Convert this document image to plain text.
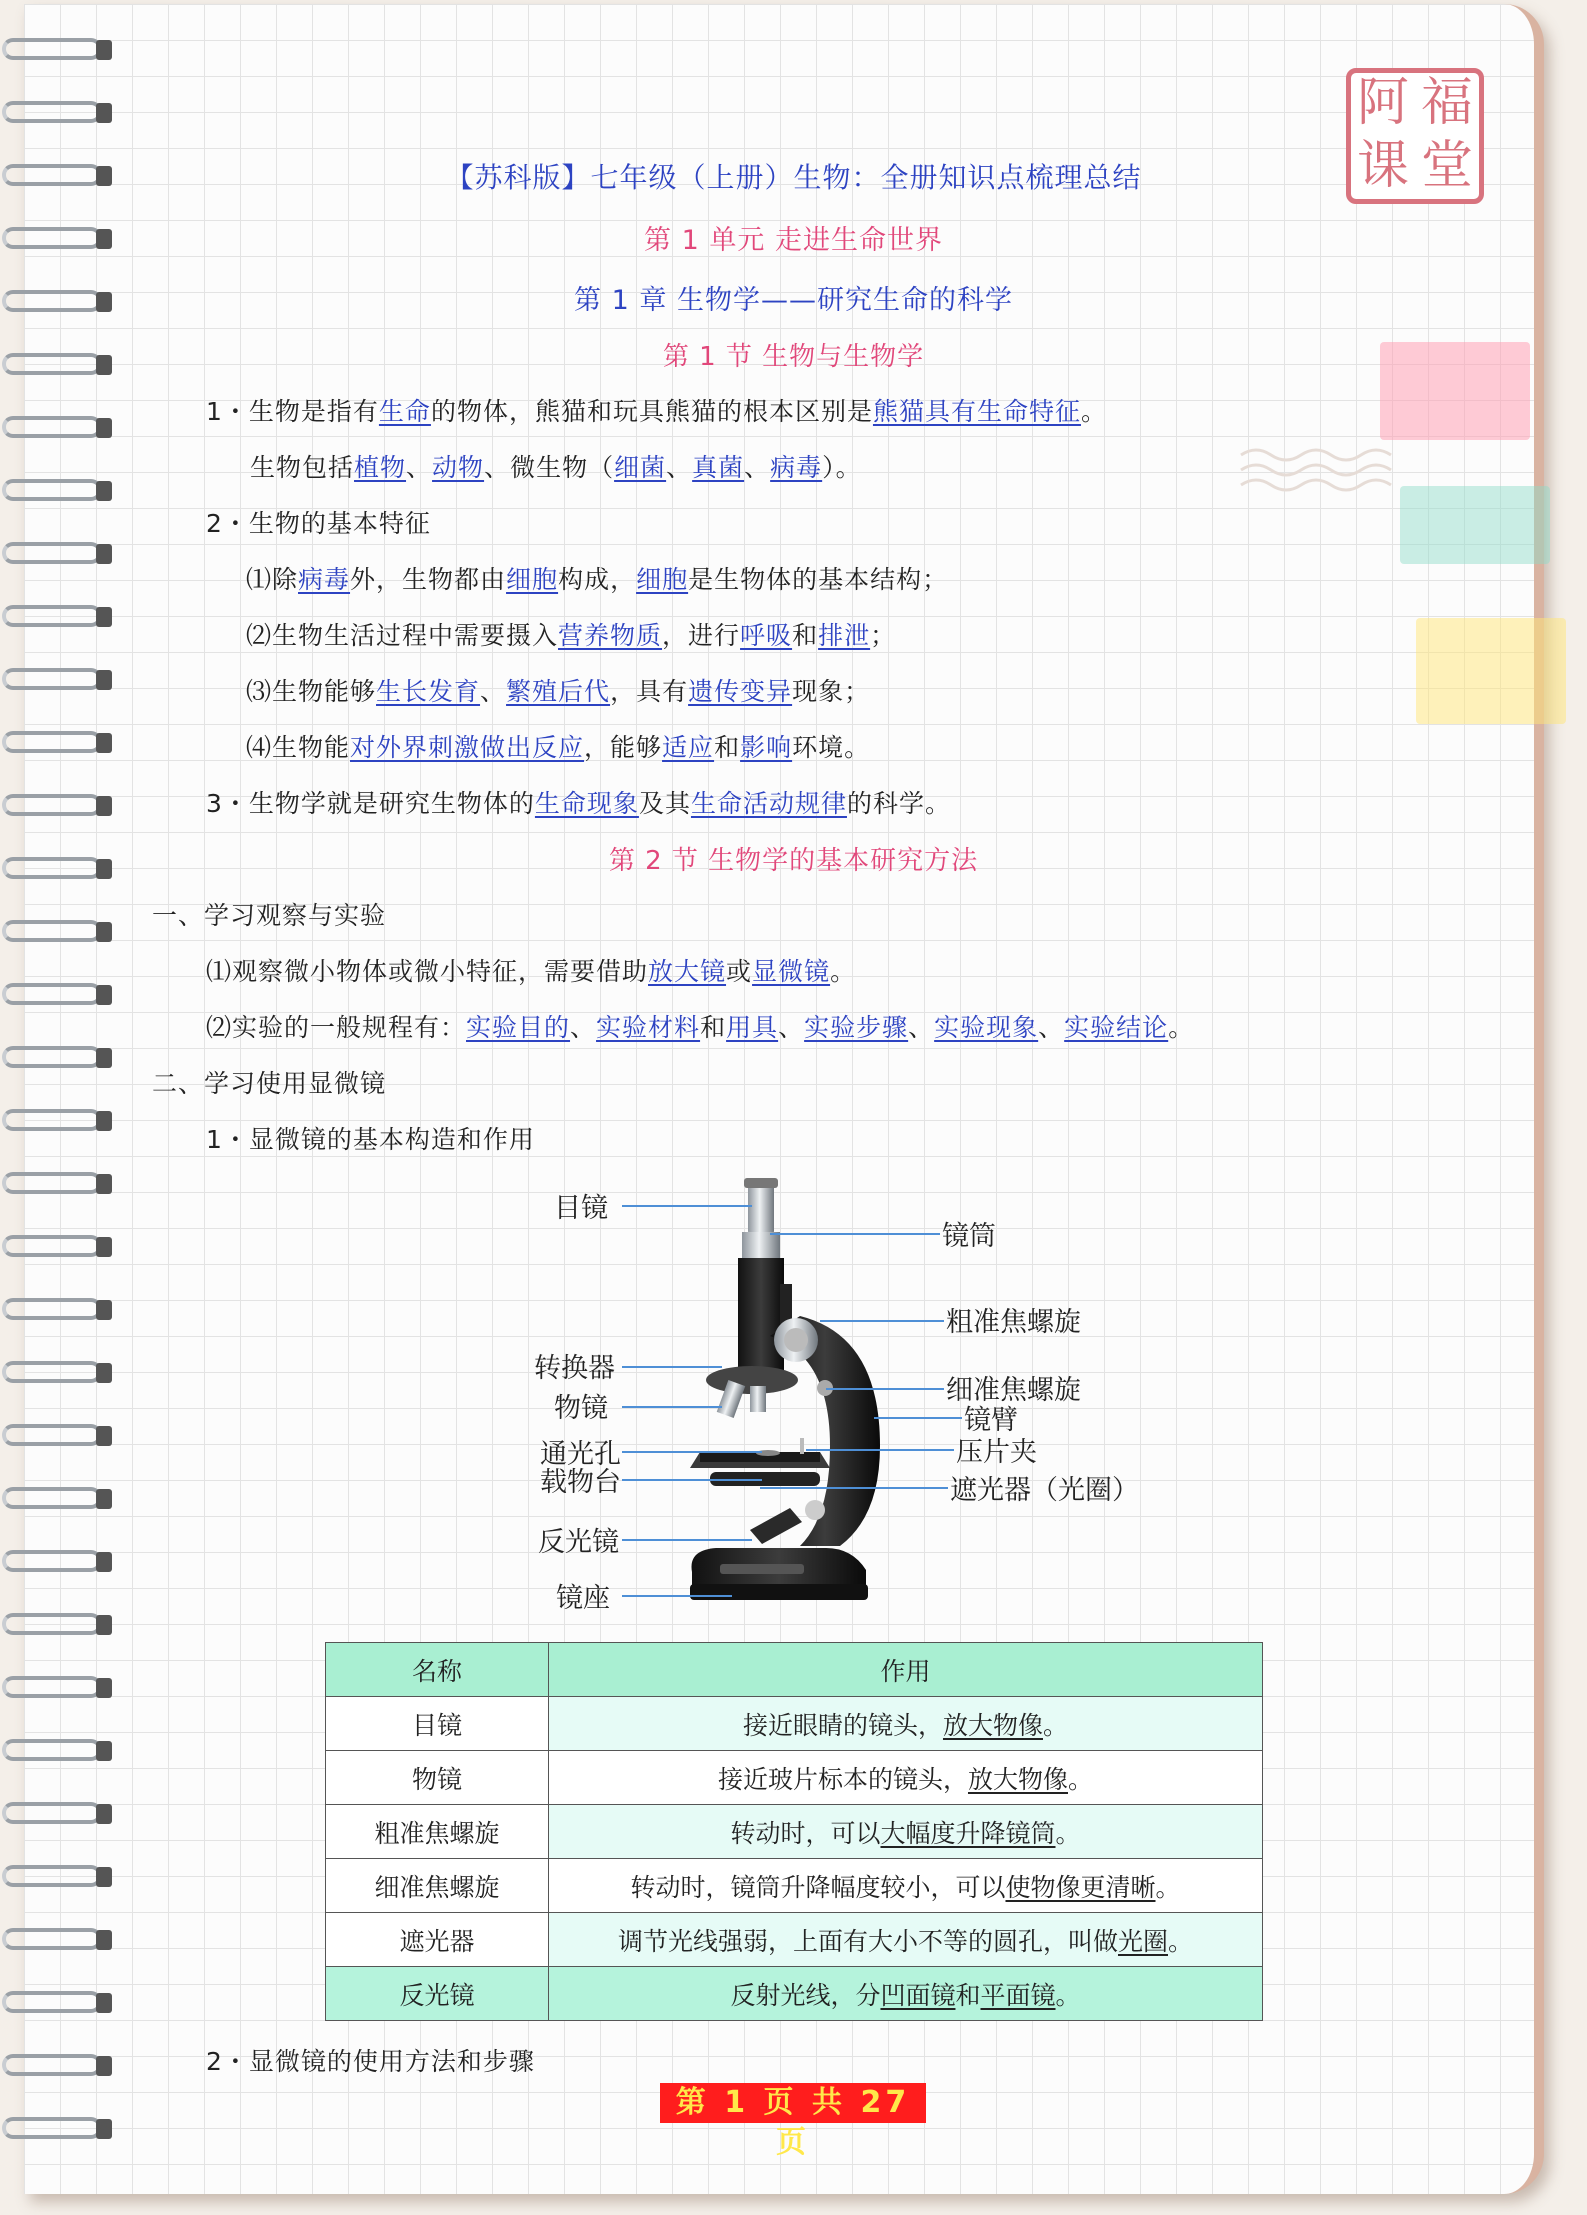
阿 福
课 堂
【苏科版】七年级（上册）生物：全册知识点梳理总结
第 1 单元 走进生命世界
第 1 章 生物学——研究生命的科学
第 1 节 生物与生物学
1・生物是指有生命的物体，熊猫和玩具熊猫的根本区别是熊猫具有生命特征。
生物包括植物、动物、微生物（细菌、真菌、病毒）。
2・生物的基本特征
⑴除病毒外，生物都由细胞构成，细胞是生物体的基本结构；
⑵生物生活过程中需要摄入营养物质，进行呼吸和排泄；
⑶生物能够生长发育、繁殖后代，具有遗传变异现象；
⑷生物能对外界刺激做出反应，能够适应和影响环境。
3・生物学就是研究生物体的生命现象及其生命活动规律的科学。
第 2 节 生物学的基本研究方法
一、学习观察与实验
⑴观察微小物体或微小特征，需要借助放大镜或显微镜。
⑵实验的一般规程有：实验目的、实验材料和用具、实验步骤、实验现象、实验结论。
二、学习使用显微镜
1・显微镜的基本构造和作用
目镜
镜筒
粗准焦螺旋
转换器
细准焦螺旋
物镜	镜臂
通光孔	压片夹
载物台	遮光器（光圈）
反光镜
镜座
名称	作用
目镜	接近眼睛的镜头，放大物像。
物镜	接近玻片标本的镜头，放大物像。
粗准焦螺旋	转动时，可以大幅度升降镜筒。
细准焦螺旋	转动时，镜筒升降幅度较小，可以使物像更清晰。
遮光器	调节光线强弱，上面有大小不等的圆孔，叫做光圈。
反光镜	反射光线，分凹面镜和平面镜。
2・显微镜的使用方法和步骤
第 1 页 共 27 页
